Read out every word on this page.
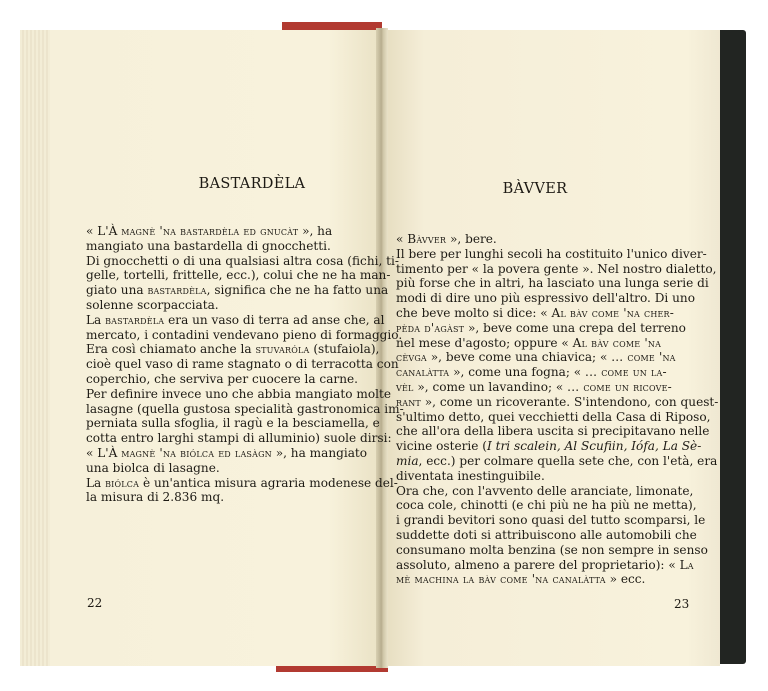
BASTARDÈLA
« L'À magnè 'na bastardèla ed gnucàt », ha
mangiato una bastardella di gnocchetti.
Di gnocchetti o di una qualsiasi altra cosa (fichi, ti-
gelle, tortelli, frittelle, ecc.), colui che ne ha man-
giato una bastardèla, significa che ne ha fatto una
solenne scorpacciata.
La bastardèla era un vaso di terra ad anse che, al
mercato, i contadini vendevano pieno di formaggio.
Era così chiamato anche la stuvaróla (stufaiola),
cioè quel vaso di rame stagnato o di terracotta con
coperchio, che serviva per cuocere la carne.
Per definire invece uno che abbia mangiato molte
lasagne (quella gustosa specialità gastronomica im-
perniata sulla sfoglia, il ragù e la besciamella, e
cotta entro larghi stampi di alluminio) suole dirsi:
« L'À magnè 'na biólca ed lasàgn », ha mangiato
una biolca di lasagne.
La biólca è un'antica misura agraria modenese del-
la misura di 2.836 mq.
22
BÀVVER
« Bàvver », bere.
Il bere per lunghi secoli ha costituito l'unico diver-
timento per « la povera gente ». Nel nostro dialetto,
più forse che in altri, ha lasciato una lunga serie di
modi di dire uno più espressivo dell'altro. Di uno
che beve molto si dice: « Al bàv come 'na cher-
pèda d'agàst », beve come una crepa del terreno
nel mese d'agosto; oppure « Al bàv come 'na
cèvga », beve come una chiavica; « ... come 'na
canalàtta », come una fogna; « ... come un la-
vèl », come un lavandino; « ... come un ricove-
rant », come un ricoverante. S'intendono, con quest-
s'ultimo detto, quei vecchietti della Casa di Riposo,
che all'ora della libera uscita si precipitavano nelle
vicine osterie (I tri scalein, Al Scufiin, Iófa, La Sè-
mia, ecc.) per colmare quella sete che, con l'età, era
diventata inestinguibile.
Ora che, con l'avvento delle aranciate, limonate,
coca cole, chinotti (e chi più ne ha più ne metta),
i grandi bevitori sono quasi del tutto scomparsi, le
suddette doti si attribuiscono alle automobili che
consumano molta benzina (se non sempre in senso
assoluto, almeno a parere del proprietario): « La
mè machina la bàv come 'na canalàtta » ecc.
23
